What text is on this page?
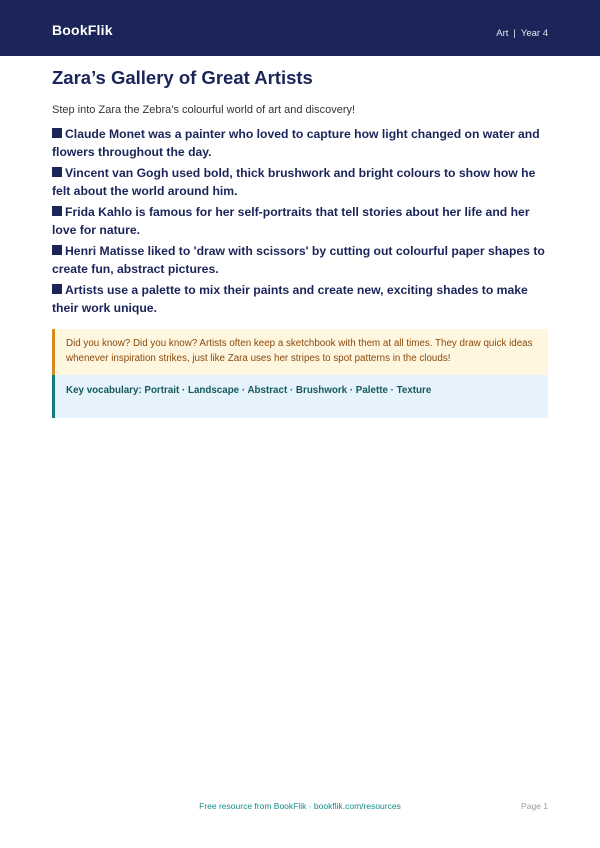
BookFlik	Art | Year 4
Zara’s Gallery of Great Artists

Step into Zara the Zebra’s colourful world of art and discovery!

Claude Monet was a painter who loved to capture how light changed on water and flowers throughout the day.
Vincent van Gogh used bold, thick brushwork and bright colours to show how he felt about the world around him.
Frida Kahlo is famous for her self-portraits that tell stories about her life and her love for nature.
Henri Matisse liked to 'draw with scissors' by cutting out colourful paper shapes to create fun, abstract pictures.
Artists use a palette to mix their paints and create new, exciting shades to make their work unique.
Did you know? Did you know? Artists often keep a sketchbook with them at all times. They draw quick ideas whenever inspiration strikes, just like Zara uses her stripes to spot patterns in the clouds!
Key vocabulary: Portrait · Landscape · Abstract · Brushwork · Palette · Texture
Free resource from BookFlik · bookflik.com/resources	Page 1
